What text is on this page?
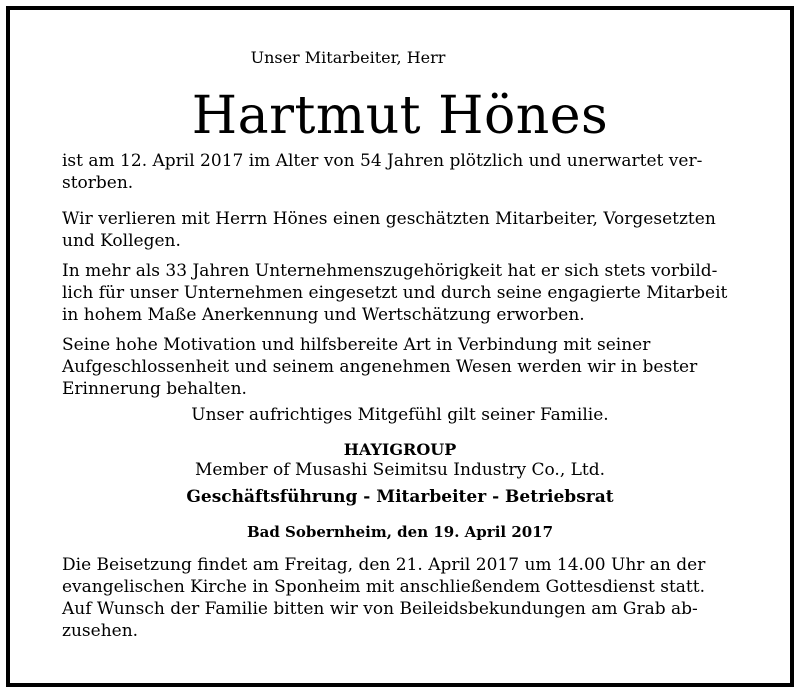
Unser Mitarbeiter, Herr

Hartmut Hönes

ist am 12. April 2017 im Alter von 54 Jahren plötzlich und unerwartet ver-

storben.

Wir verlieren mit Herrn Hönes einen geschätzten Mitarbeiter, Vorgesetzten

und Kollegen.

In mehr als 33 Jahren Unternehmenszugehörigkeit hat er sich stets vorbild-

lich für unser Unternehmen eingesetzt und durch seine engagierte Mitarbeit

in hohem Maße Anerkennung und Wertschätzung erworben.

Seine hohe Motivation und hilfsbereite Art in Verbindung mit seiner

Aufgeschlossenheit und seinem angenehmen Wesen werden wir in bester

Erinnerung behalten.

Unser aufrichtiges Mitgefühl gilt seiner Familie.

HAYIGROUP
Member of Musashi Seimitsu Industry Co., Ltd.
Geschäftsführung - Mitarbeiter - Betriebsrat
Bad Sobernheim, den 19. April 2017

Die Beisetzung findet am Freitag, den 21. April 2017 um 14.00 Uhr an der

evangelischen Kirche in Sponheim mit anschließendem Gottesdienst statt.

Auf Wunsch der Familie bitten wir von Beileidsbekundungen am Grab ab-

zusehen.
